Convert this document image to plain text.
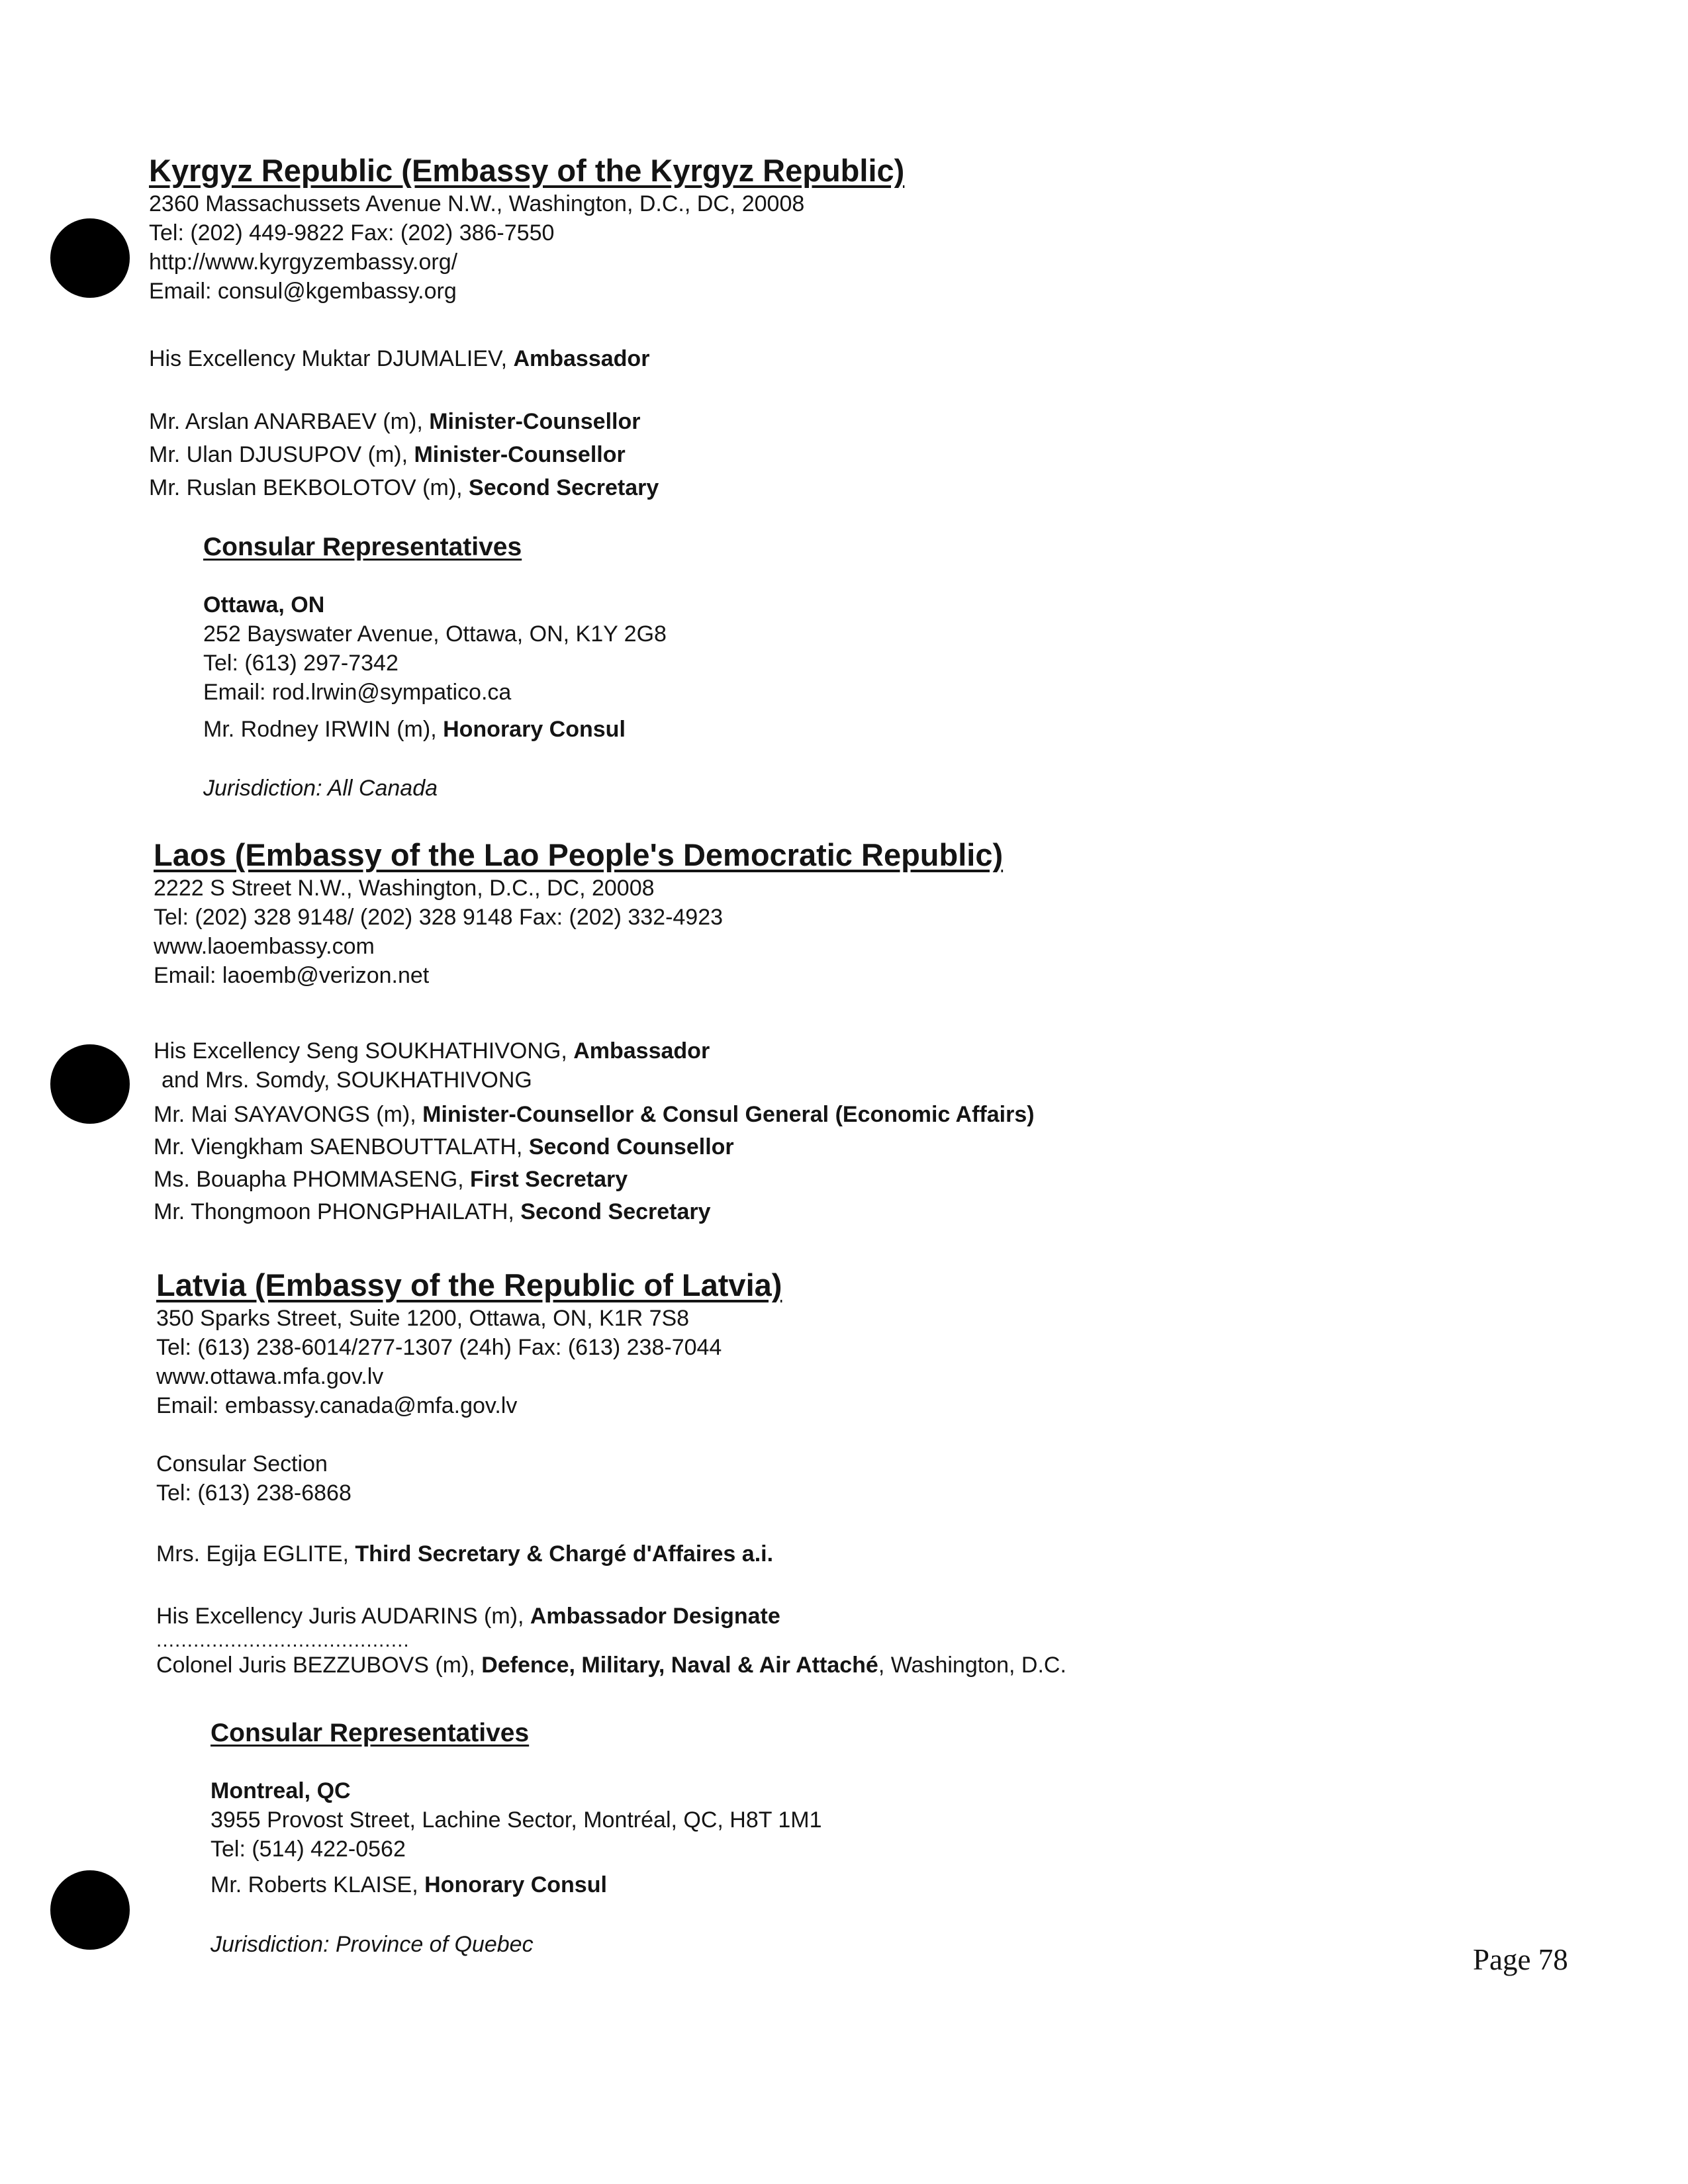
Kyrgyz Republic (Embassy of the Kyrgyz Republic)
2360 Massachussets Avenue N.W., Washington, D.C., DC, 20008
Tel: (202) 449-9822 Fax: (202) 386-7550
http://www.kyrgyzembassy.org/
Email: consul@kgembassy.org
His Excellency Muktar DJUMALIEV, Ambassador
Mr. Arslan ANARBAEV (m), Minister-Counsellor
Mr. Ulan DJUSUPOV (m), Minister-Counsellor
Mr. Ruslan BEKBOLOTOV (m), Second Secretary
Consular Representatives
Ottawa, ON
252 Bayswater Avenue, Ottawa, ON, K1Y 2G8
Tel: (613) 297-7342
Email: rod.lrwin@sympatico.ca
Mr. Rodney IRWIN (m), Honorary Consul
Jurisdiction: All Canada
Laos (Embassy of the Lao People's Democratic Republic)
2222 S Street N.W., Washington, D.C., DC, 20008
Tel: (202) 328 9148/ (202) 328 9148 Fax: (202) 332-4923
www.laoembassy.com
Email: laoemb@verizon.net
His Excellency Seng SOUKHATHIVONG, Ambassador
and Mrs. Somdy, SOUKHATHIVONG
Mr. Mai SAYAVONGS (m), Minister-Counsellor & Consul General (Economic Affairs)
Mr. Viengkham SAENBOUTTALATH, Second Counsellor
Ms. Bouapha PHOMMASENG, First Secretary
Mr. Thongmoon PHONGPHAILATH, Second Secretary
Latvia (Embassy of the Republic of Latvia)
350 Sparks Street, Suite 1200, Ottawa, ON, K1R 7S8
Tel: (613) 238-6014/277-1307 (24h) Fax: (613) 238-7044
www.ottawa.mfa.gov.lv
Email: embassy.canada@mfa.gov.lv
Consular Section
Tel: (613) 238-6868
Mrs. Egija EGLITE, Third Secretary & Chargé d'Affaires a.i.
His Excellency Juris AUDARINS (m), Ambassador Designate
.........................................
Colonel Juris BEZZUBOVS (m), Defence, Military, Naval & Air Attaché, Washington, D.C.
Consular Representatives
Montreal, QC
3955 Provost Street, Lachine Sector, Montréal, QC, H8T 1M1
Tel: (514) 422-0562
Mr. Roberts KLAISE, Honorary Consul
Jurisdiction: Province of Quebec	Page 78
